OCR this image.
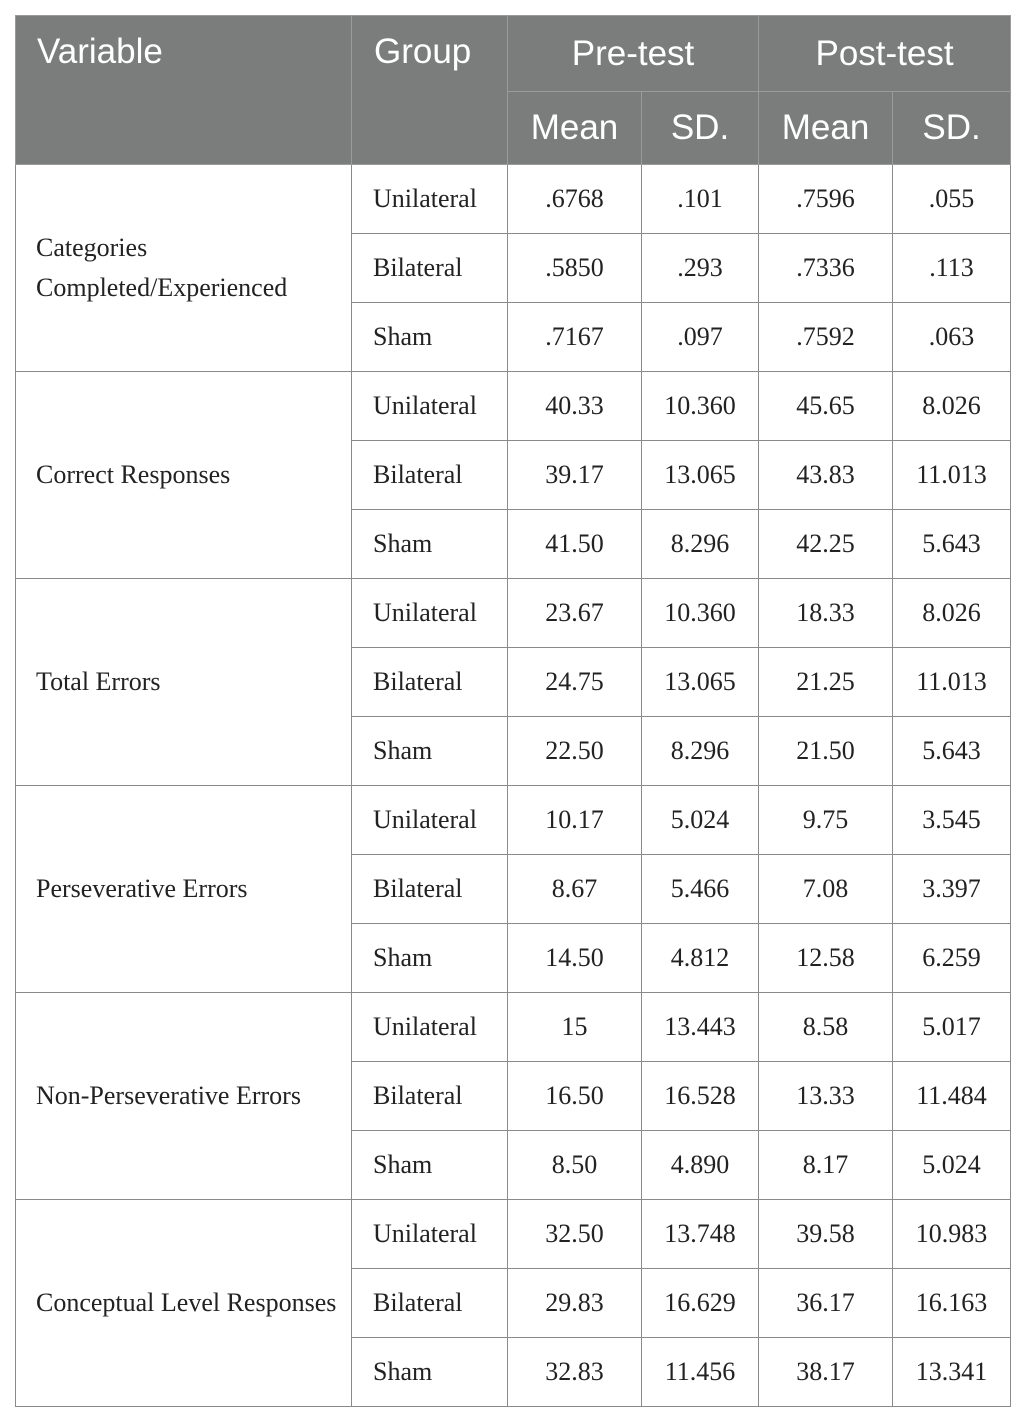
Variable	Group	Pre-test		Post-test	
		Mean	SD.	Mean	SD.
Categories Completed/Experienced	Unilateral	.6768	.101	.7596	.055
	Bilateral	.5850	.293	.7336	.113
	Sham	.7167	.097	.7592	.063
Correct Responses	Unilateral	40.33	10.360	45.65	8.026
	Bilateral	39.17	13.065	43.83	11.013
	Sham	41.50	8.296	42.25	5.643
Total Errors	Unilateral	23.67	10.360	18.33	8.026
	Bilateral	24.75	13.065	21.25	11.013
	Sham	22.50	8.296	21.50	5.643
Perseverative Errors	Unilateral	10.17	5.024	9.75	3.545
	Bilateral	8.67	5.466	7.08	3.397
	Sham	14.50	4.812	12.58	6.259
Non-Perseverative Errors	Unilateral	15	13.443	8.58	5.017
	Bilateral	16.50	16.528	13.33	11.484
	Sham	8.50	4.890	8.17	5.024
Conceptual Level Responses	Unilateral	32.50	13.748	39.58	10.983
	Bilateral	29.83	16.629	36.17	16.163
	Sham	32.83	11.456	38.17	13.341
